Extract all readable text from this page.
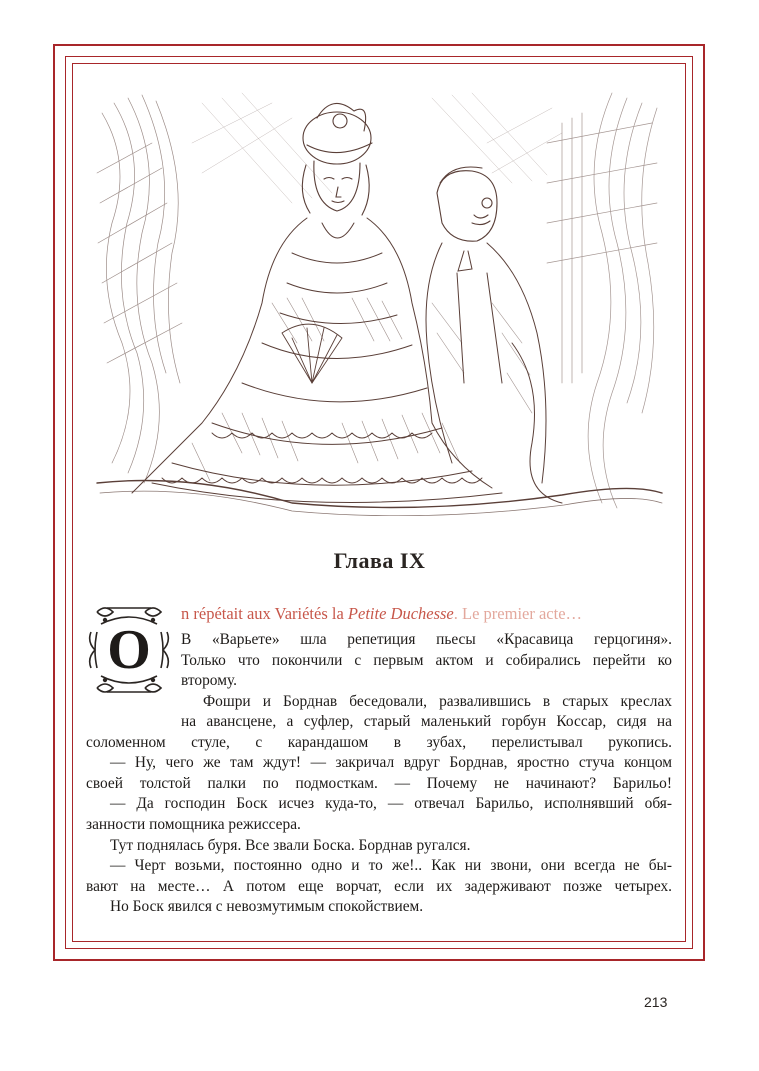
Глава IX
O
n répétait aux Variétés la Petite Duchesse. Le premier acte…
В «Варьете» шла репетиция пьесы «Красавица герцогиня».
Только что покончили с первым актом и собирались перейти ко
второму.
Фошри и Борднав беседовали, развалившись в старых креслах
на авансцене, а суфлер, старый маленький горбун Коссар, сидя на
соломенном стуле, с карандашом в зубах, перелистывал рукопись.
— Ну, чего же там ждут! — закричал вдруг Борднав, яростно стуча концом
своей толстой палки по подмосткам. — Почему не начинают? Барильо!
— Да господин Боск исчез куда-то, — отвечал Барильо, исполнявший обя-
занности помощника режиссера.
Тут поднялась буря. Все звали Боска. Борднав ругался.
— Черт возьми, постоянно одно и то же!.. Как ни звони, они всегда не бы-
вают на месте… А потом еще ворчат, если их задерживают позже четырех.
Но Боск явился с невозмутимым спокойствием.
213
